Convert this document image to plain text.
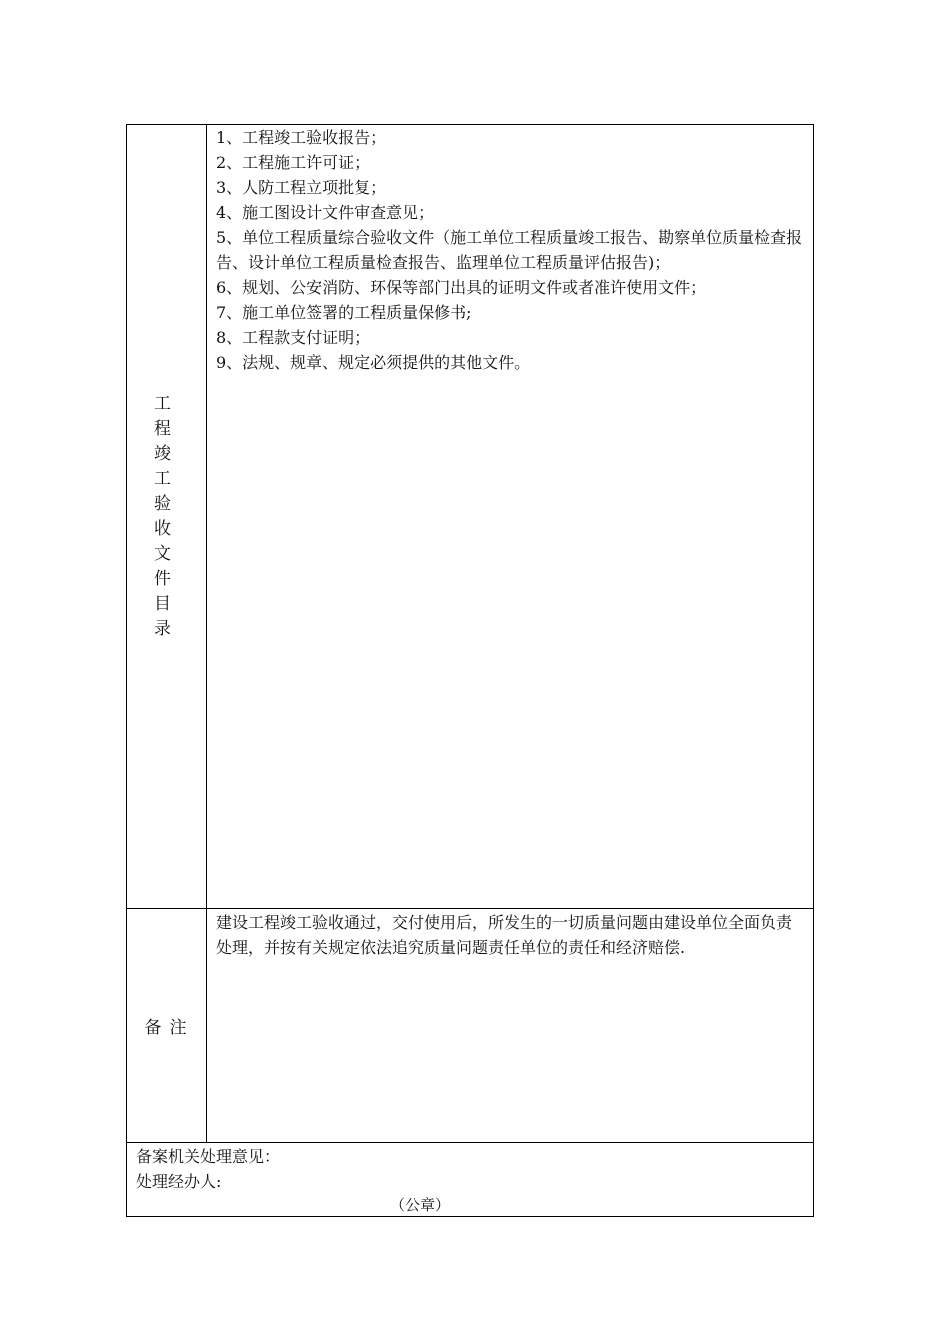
工程竣工验收文件目录
1、工程竣工验收报告；
2、工程施工许可证；
3、人防工程立项批复；
4、施工图设计文件审查意见；
5、单位工程质量综合验收文件（施工单位工程质量竣工报告、勘察单位质量检查报告、设计单位工程质量检查报告、监理单位工程质量评估报告)；
6、规划、公安消防、环保等部门出具的证明文件或者准许使用文件；
7、施工单位签署的工程质量保修书;
8、工程款支付证明；
9、法规、规章、规定必须提供的其他文件。
备注

建设工程竣工验收通过，交付使用后，所发生的一切质量问题由建设单位全面负责处理，并按有关规定依法追究质量问题责任单位的责任和经济赔偿.

备案机关处理意见：
处理经办人:
（公章）
